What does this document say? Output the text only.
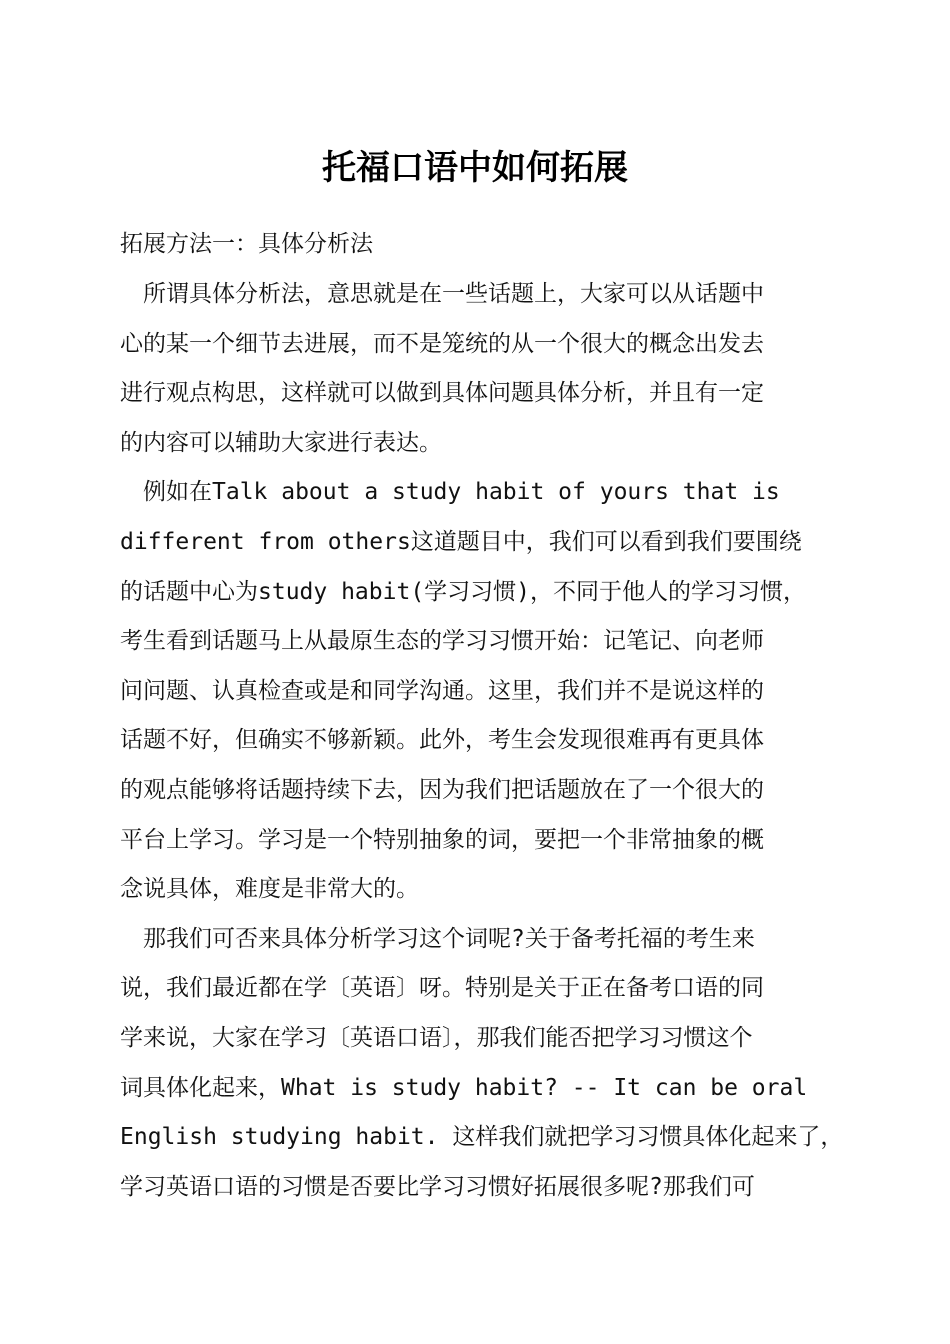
托福口语中如何拓展
拓展方法一：具体分析法
　所谓具体分析法，意思就是在一些话题上，大家可以从话题中
心的某一个细节去进展，而不是笼统的从一个很大的概念出发去
进行观点构思，这样就可以做到具体问题具体分析，并且有一定
的内容可以辅助大家进行表达。
　例如在Talk about a study habit of yours that is
different from others这道题目中，我们可以看到我们要围绕
的话题中心为study habit(学习习惯)，不同于他人的学习习惯，
考生看到话题马上从最原生态的学习习惯开始：记笔记、向老师
问问题、认真检查或是和同学沟通。这里，我们并不是说这样的
话题不好，但确实不够新颖。此外，考生会发现很难再有更具体
的观点能够将话题持续下去，因为我们把话题放在了一个很大的
平台上学习。学习是一个特别抽象的词，要把一个非常抽象的概
念说具体，难度是非常大的。
　那我们可否来具体分析学习这个词呢?关于备考托福的考生来
说，我们最近都在学〔英语〕呀。特别是关于正在备考口语的同
学来说，大家在学习〔英语口语〕，那我们能否把学习习惯这个
词具体化起来，What is study habit? -- It can be oral
English studying habit. 这样我们就把学习习惯具体化起来了，
学习英语口语的习惯是否要比学习习惯好拓展很多呢?那我们可
